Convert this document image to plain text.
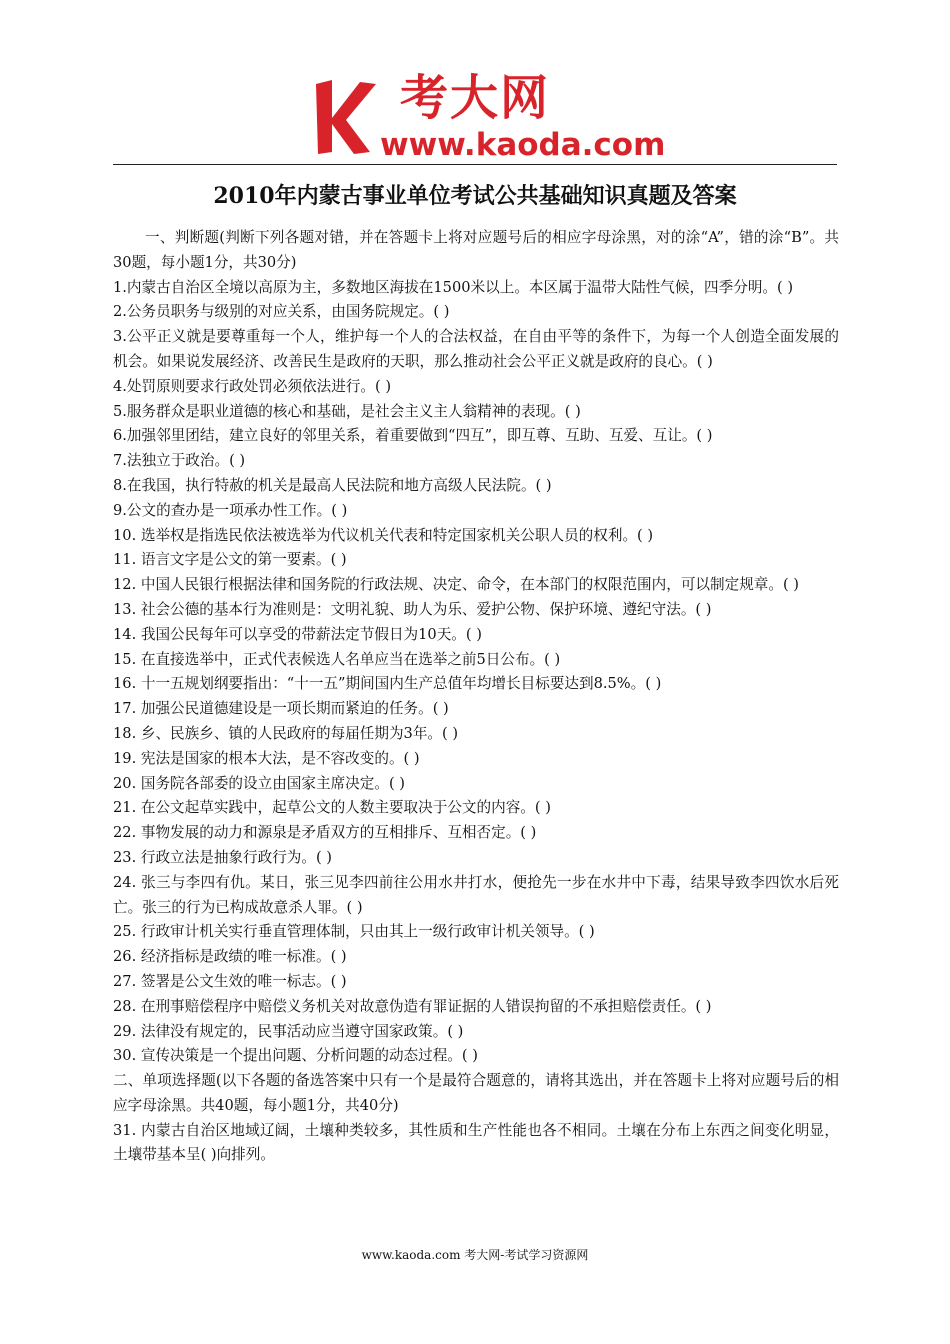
考大网
www.kaoda.com
2010年内蒙古事业单位考试公共基础知识真题及答案

一、判断题(判断下列各题对错，并在答题卡上将对应题号后的相应字母涂黑，对的涂“A”，错的涂“B”。共30题，每小题1分，共30分)

1.内蒙古自治区全境以高原为主，多数地区海拔在1500米以上。本区属于温带大陆性气候，四季分明。( )

2.公务员职务与级别的对应关系，由国务院规定。( )

3.公平正义就是要尊重每一个人，维护每一个人的合法权益，在自由平等的条件下，为每一个人创造全面发展的机会。如果说发展经济、改善民生是政府的天职，那么推动社会公平正义就是政府的良心。( )

4.处罚原则要求行政处罚必须依法进行。( )

5.服务群众是职业道德的核心和基础，是社会主义主人翁精神的表现。( )

6.加强邻里团结，建立良好的邻里关系，着重要做到“四互”，即互尊、互助、互爱、互让。( )

7.法独立于政治。( )

8.在我国，执行特赦的机关是最高人民法院和地方高级人民法院。( )

9.公文的查办是一项承办性工作。( )

10. 选举权是指选民依法被选举为代议机关代表和特定国家机关公职人员的权利。( )

11. 语言文字是公文的第一要素。( )

12. 中国人民银行根据法律和国务院的行政法规、决定、命令，在本部门的权限范围内，可以制定规章。( )

13. 社会公德的基本行为准则是：文明礼貌、助人为乐、爱护公物、保护环境、遵纪守法。( )

14. 我国公民每年可以享受的带薪法定节假日为10天。( )

15. 在直接选举中，正式代表候选人名单应当在选举之前5日公布。( )

16. 十一五规划纲要指出：“十一五”期间国内生产总值年均增长目标要达到8.5%。( )

17. 加强公民道德建设是一项长期而紧迫的任务。( )

18. 乡、民族乡、镇的人民政府的每届任期为3年。( )

19. 宪法是国家的根本大法，是不容改变的。( )

20. 国务院各部委的设立由国家主席决定。( )

21. 在公文起草实践中，起草公文的人数主要取决于公文的内容。( )

22. 事物发展的动力和源泉是矛盾双方的互相排斥、互相否定。( )

23. 行政立法是抽象行政行为。( )

24. 张三与李四有仇。某日，张三见李四前往公用水井打水，便抢先一步在水井中下毒，结果导致李四饮水后死亡。张三的行为已构成故意杀人罪。( )

25. 行政审计机关实行垂直管理体制，只由其上一级行政审计机关领导。( )

26. 经济指标是政绩的唯一标准。( )

27. 签署是公文生效的唯一标志。( )

28. 在刑事赔偿程序中赔偿义务机关对故意伪造有罪证据的人错误拘留的不承担赔偿责任。( )

29. 法律没有规定的，民事活动应当遵守国家政策。( )

30. 宣传决策是一个提出问题、分析问题的动态过程。( )

二、单项选择题(以下各题的备选答案中只有一个是最符合题意的，请将其选出，并在答题卡上将对应题号后的相应字母涂黑。共40题，每小题1分，共40分)

31. 内蒙古自治区地域辽阔，土壤种类较多，其性质和生产性能也各不相同。土壤在分布上东西之间变化明显，土壤带基本呈( )向排列。

www.kaoda.com 考大网-考试学习资源网
